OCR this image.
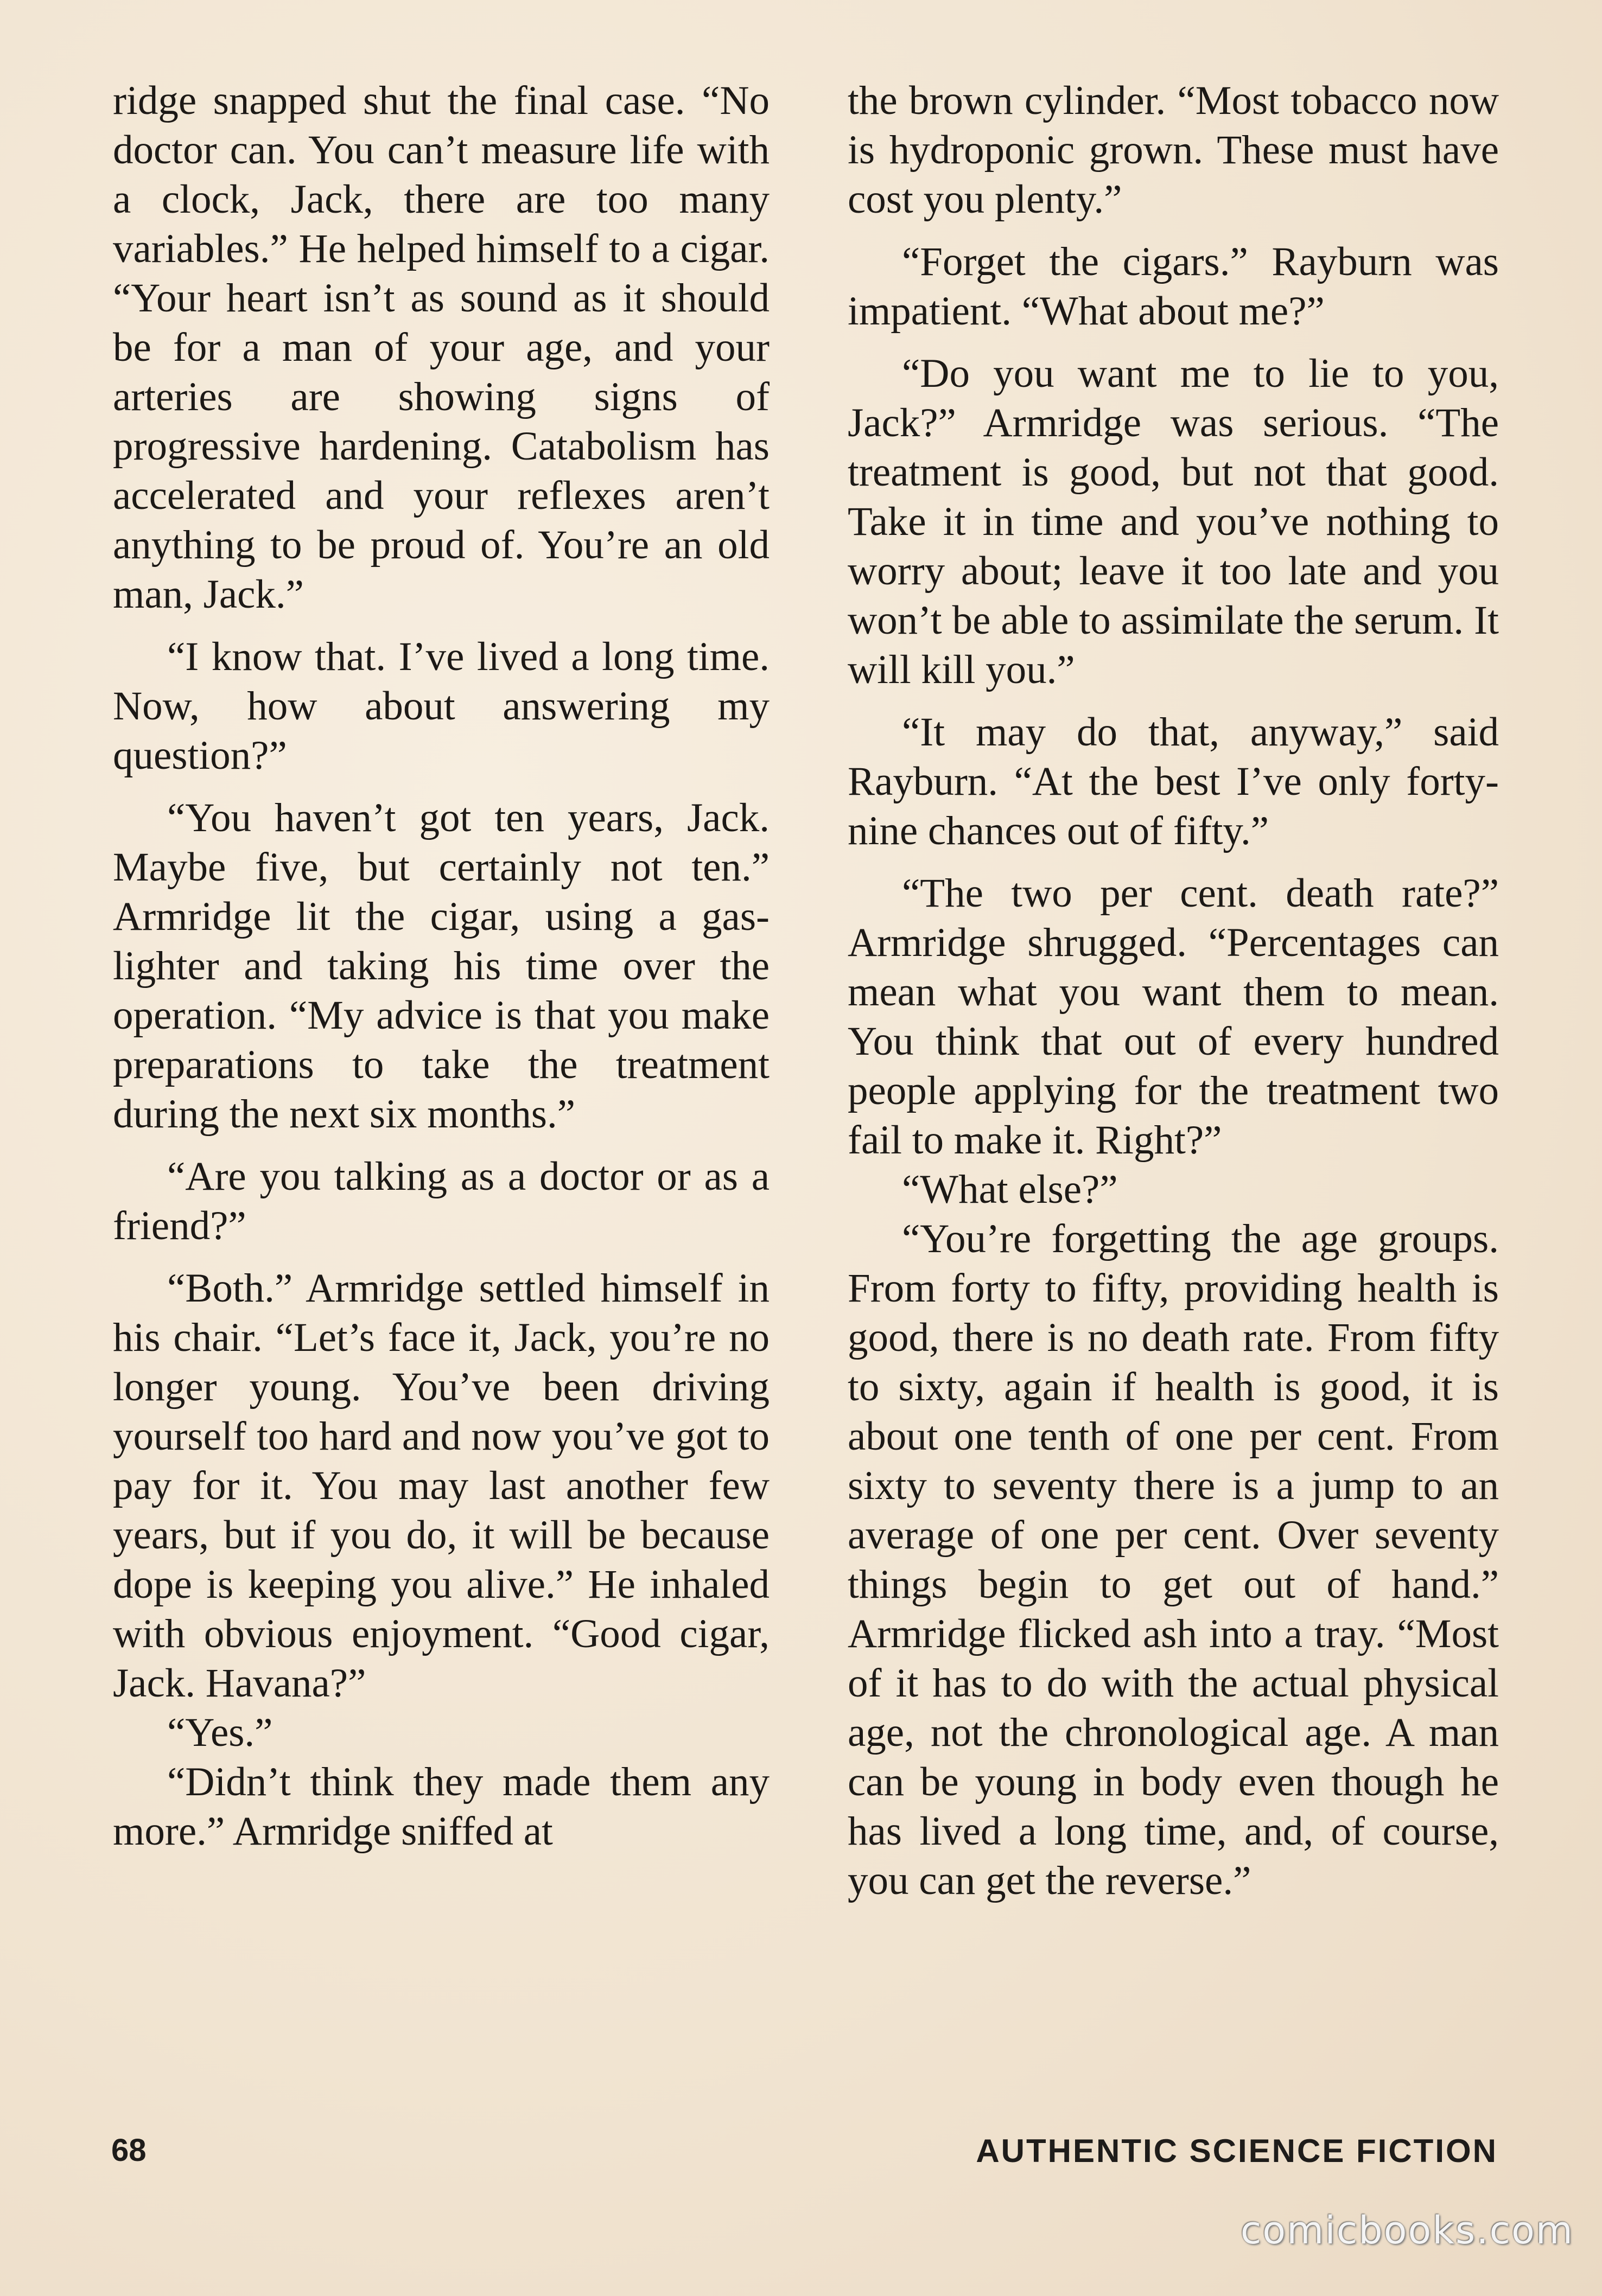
ridge snapped shut the final case. “No doctor can. You can’t measure life with a clock, Jack, there are too many variables.” He helped himself to a cigar. “Your heart isn’t as sound as it should be for a man of your age, and your arteries are showing signs of progressive hardening. Catabolism has accelerated and your reflexes aren’t anything to be proud of. You’re an old man, Jack.”

“I know that. I’ve lived a long time. Now, how about answering my question?”

“You haven’t got ten years, Jack. Maybe five, but certainly not ten.” Armridge lit the cigar, using a gas-lighter and taking his time over the operation. “My advice is that you make preparations to take the treatment during the next six months.”

“Are you talking as a doctor or as a friend?”

“Both.” Armridge settled himself in his chair. “Let’s face it, Jack, you’re no longer young. You’ve been driving yourself too hard and now you’ve got to pay for it. You may last another few years, but if you do, it will be because dope is keeping you alive.” He inhaled with obvious enjoyment. “Good cigar, Jack. Havana?”

“Yes.”

“Didn’t think they made them any more.” Armridge sniffed at

the brown cylinder. “Most tobacco now is hydroponic grown. These must have cost you plenty.”

“Forget the cigars.” Rayburn was impatient. “What about me?”

“Do you want me to lie to you, Jack?” Armridge was serious. “The treatment is good, but not that good. Take it in time and you’ve nothing to worry about; leave it too late and you won’t be able to assimilate the serum. It will kill you.”

“It may do that, anyway,” said Rayburn. “At the best I’ve only forty-nine chances out of fifty.”

“The two per cent. death rate?” Armridge shrugged. “Percentages can mean what you want them to mean. You think that out of every hundred people applying for the treatment two fail to make it. Right?”

“What else?”

“You’re forgetting the age groups. From forty to fifty, providing health is good, there is no death rate. From fifty to sixty, again if health is good, it is about one tenth of one per cent. From sixty to seventy there is a jump to an average of one per cent. Over seventy things begin to get out of hand.” Armridge flicked ash into a tray. “Most of it has to do with the actual physical age, not the chronological age. A man can be young in body even though he has lived a long time, and, of course, you can get the reverse.”

68	AUTHENTIC SCIENCE FICTION
comicbooks.com
